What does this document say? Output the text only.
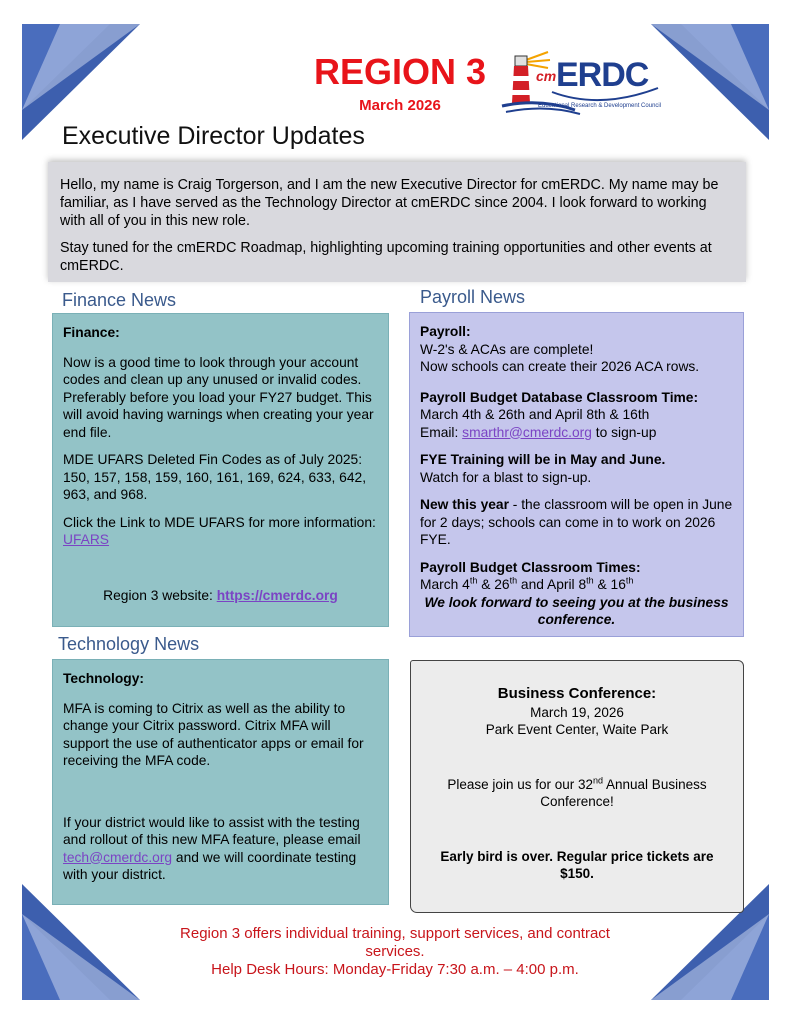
REGION 3
March 2026
cm ERDC
Educational Research & Development Council
Executive Director Updates

Hello, my name is Craig Torgerson, and I am the new Executive Director for cmERDC. My name may be familiar, as I have served as the Technology Director at cmERDC since 2004. I look forward to working with all of you in this new role.

Stay tuned for the cmERDC Roadmap, highlighting upcoming training opportunities and other events at cmERDC.

Finance News

Finance:

Now is a good time to look through your account codes and clean up any unused or invalid codes. Preferably before you load your FY27 budget. This will avoid having warnings when creating your year end file.

MDE UFARS Deleted Fin Codes as of July 2025: 150, 157, 158, 159, 160, 161, 169, 624, 633, 642, 963, and 968.

Click the Link to MDE UFARS for more information: UFARS

Region 3 website: https://cmerdc.org

Payroll News

Payroll:

W-2's & ACAs are complete!

Now schools can create their 2026 ACA rows.

Payroll Budget Database Classroom Time:

March 4th & 26th and April 8th & 16th

Email: smarthr@cmerdc.org to sign-up

FYE Training will be in May and June.

Watch for a blast to sign-up.

New this year - the classroom will be open in June for 2 days; schools can come in to work on 2026 FYE.

Payroll Budget Classroom Times:

March 4th & 26th and April 8th & 16th

We look forward to seeing you at the business conference.

Technology News

Technology:

MFA is coming to Citrix as well as the ability to change your Citrix password. Citrix MFA will support the use of authenticator apps or email for receiving the MFA code.

If your district would like to assist with the testing and rollout of this new MFA feature, please email tech@cmerdc.org and we will coordinate testing with your district.

Business Conference:

March 19, 2026

Park Event Center, Waite Park

Please join us for our 32nd Annual Business Conference!

Early bird is over. Regular price tickets are $150.

Region 3 offers individual training, support services, and contract services.
Help Desk Hours: Monday-Friday 7:30 a.m. – 4:00 p.m.
